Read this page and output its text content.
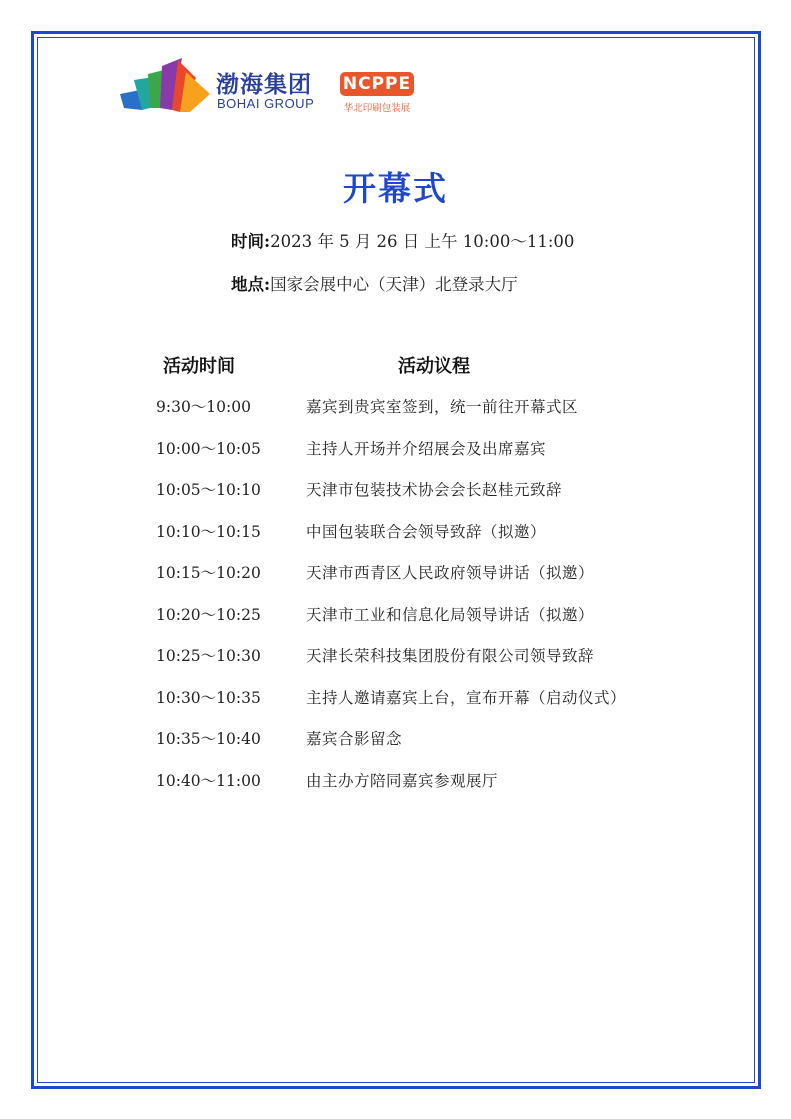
渤海集团
BOHAI GROUP
NCPPE
华北印刷包装展
开幕式
时间:2023 年 5 月 26 日 上午 10:00～11:00
地点:国家会展中心（天津）北登录大厅
活动时间	活动议程
9:30～10:00	嘉宾到贵宾室签到，统一前往开幕式区
10:00～10:05	主持人开场并介绍展会及出席嘉宾
10:05～10:10	天津市包装技术协会会长赵桂元致辞
10:10～10:15	中国包装联合会领导致辞（拟邀）
10:15～10:20	天津市西青区人民政府领导讲话（拟邀）
10:20～10:25	天津市工业和信息化局领导讲话（拟邀）
10:25～10:30	天津长荣科技集团股份有限公司领导致辞
10:30～10:35	主持人邀请嘉宾上台，宣布开幕（启动仪式）
10:35～10:40	嘉宾合影留念
10:40～11:00	由主办方陪同嘉宾参观展厅
